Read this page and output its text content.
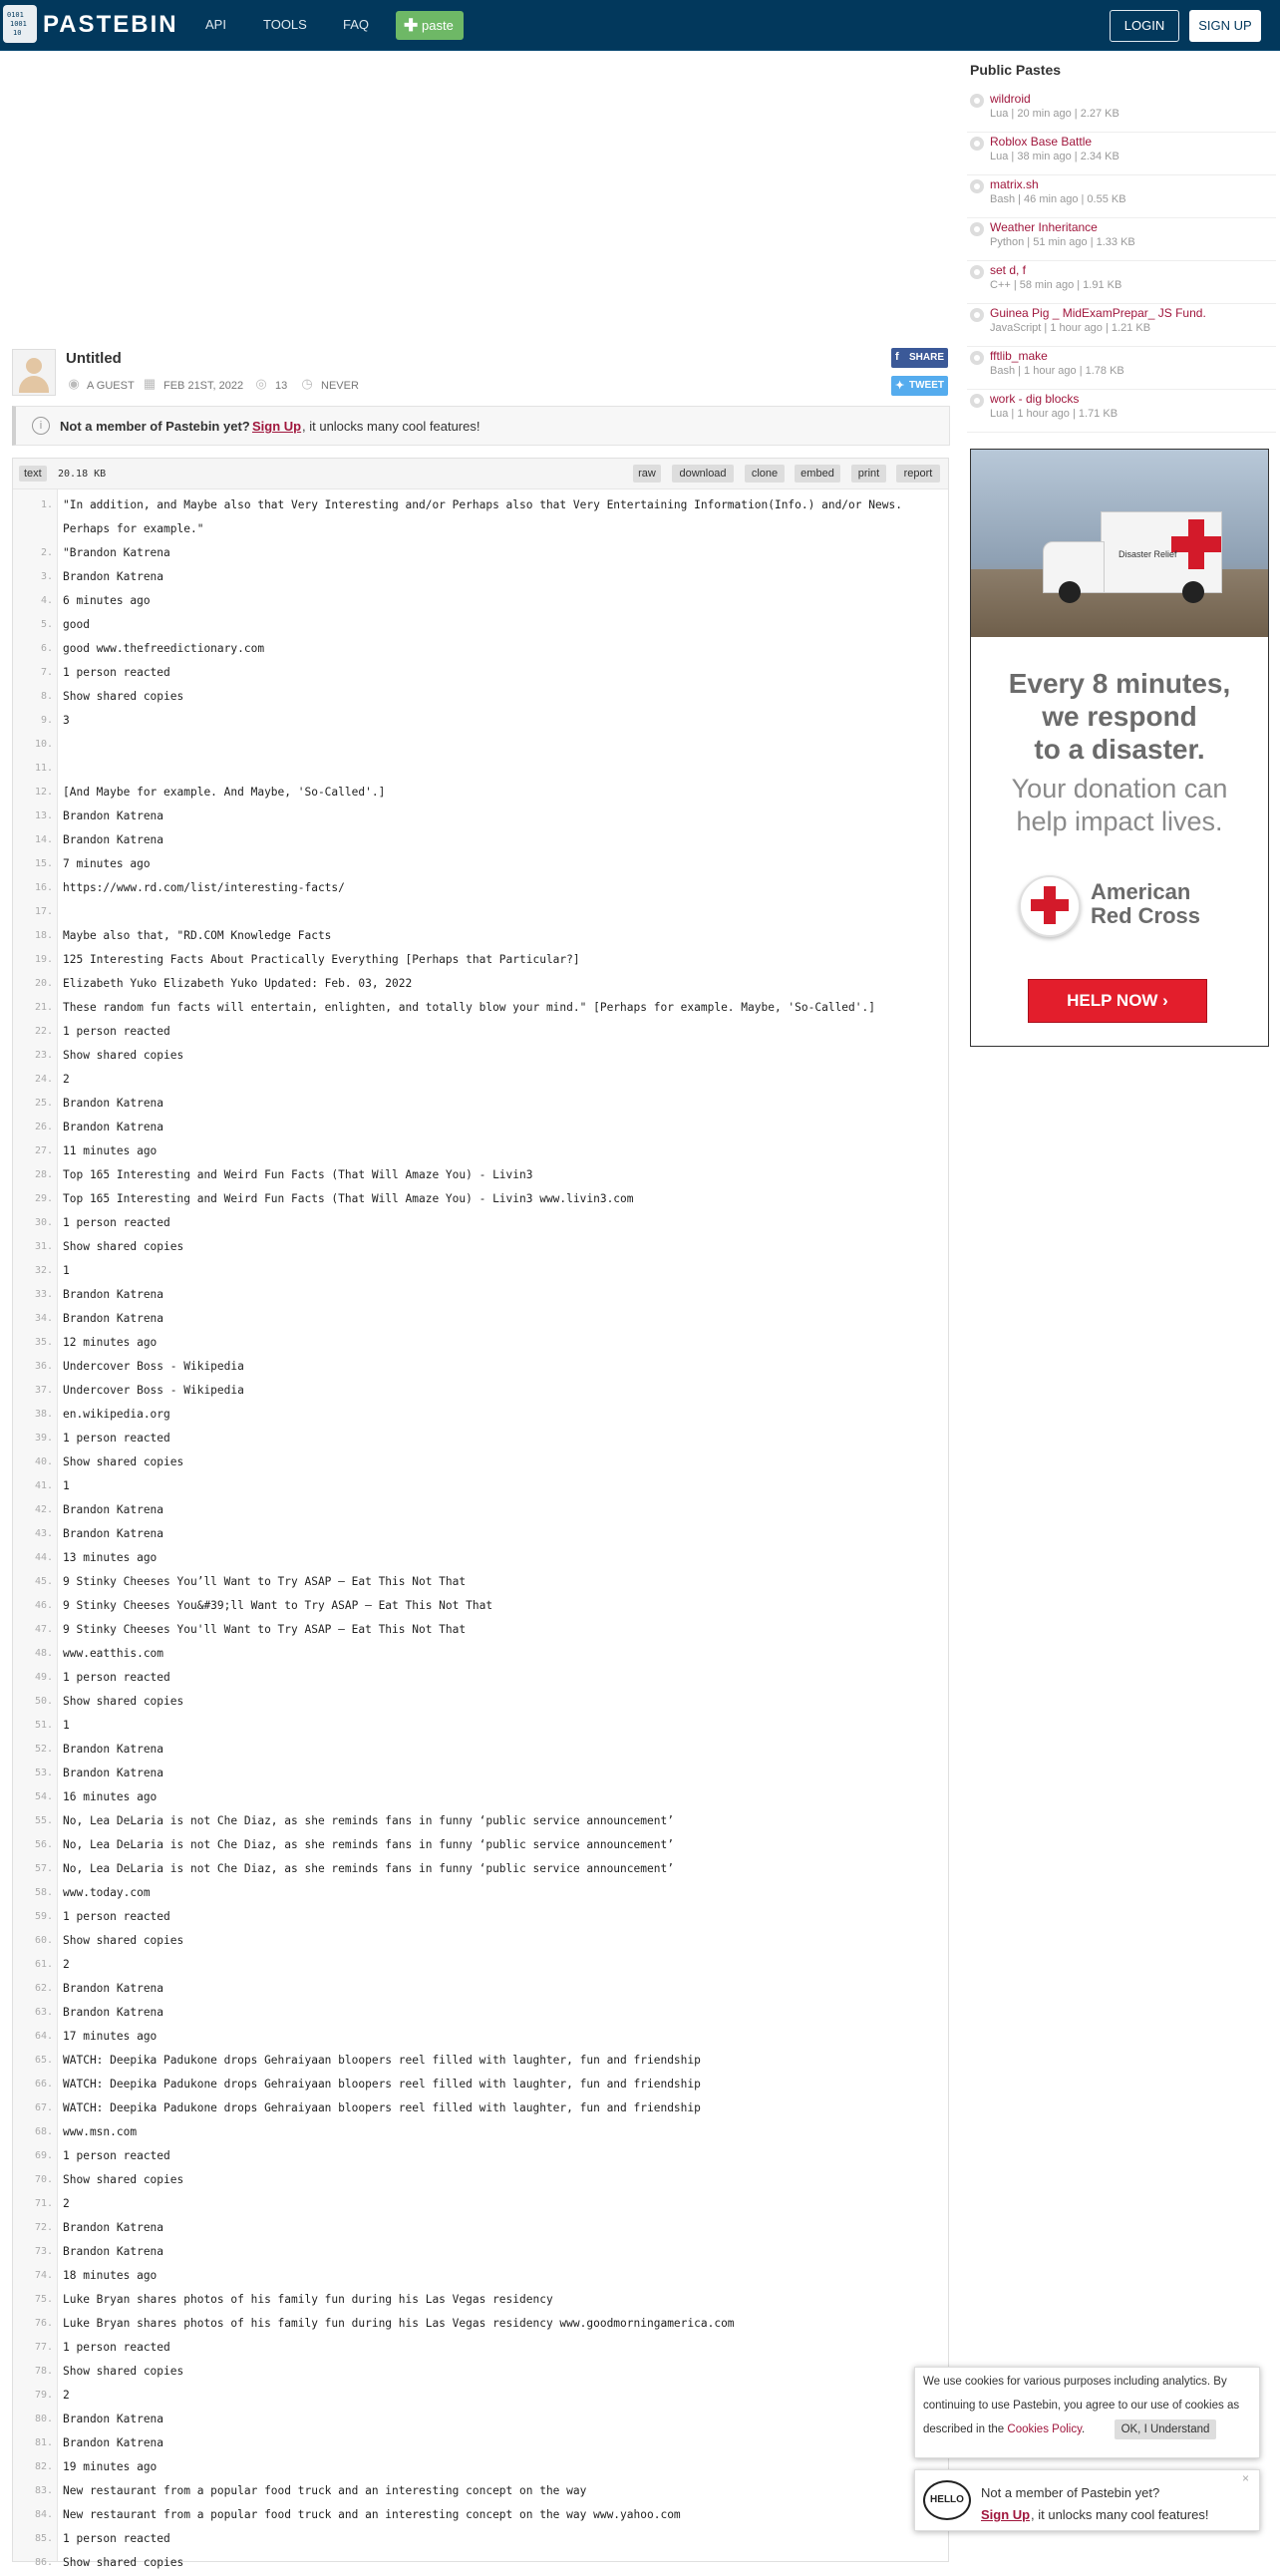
0101
1001
10 PASTEBIN API	TOOLS	FAQ ✚ paste	LOGIN	SIGN UP
Untitled
◉ A GUEST ▦ FEB 21ST, 2022 ◎ 13 ◷ NEVER
f SHARE
✦ TWEET
i	Not a member of Pastebin yet? Sign Up , it unlocks many cool features!
text	20.18 KB	raw	download	clone	embed	print	report
1. "In addition, and Maybe also that Very Interesting and/or Perhaps also that Very Entertaining Information(Info.) and/or News.
Perhaps for example."
2. "Brandon Katrena
3. Brandon Katrena
4. 6 minutes ago
5. good
6. good www.thefreedictionary.com
7. 1 person reacted
8. Show shared copies
9. 3
10.
11.
12. [And Maybe for example. And Maybe, 'So-Called'.]
13. Brandon Katrena
14. Brandon Katrena
15. 7 minutes ago
16. https://www.rd.com/list/interesting-facts/
17.
18. Maybe also that, "RD.COM Knowledge Facts
19. 125 Interesting Facts About Practically Everything [Perhaps that Particular?]
20. Elizabeth Yuko Elizabeth Yuko Updated: Feb. 03, 2022
21. These random fun facts will entertain, enlighten, and totally blow your mind." [Perhaps for example. Maybe, 'So-Called'.]
22. 1 person reacted
23. Show shared copies
24. 2
25. Brandon Katrena
26. Brandon Katrena
27. 11 minutes ago
28. Top 165 Interesting and Weird Fun Facts (That Will Amaze You) - Livin3
29. Top 165 Interesting and Weird Fun Facts (That Will Amaze You) - Livin3 www.livin3.com
30. 1 person reacted
31. Show shared copies
32. 1
33. Brandon Katrena
34. Brandon Katrena
35. 12 minutes ago
36. Undercover Boss - Wikipedia
37. Undercover Boss - Wikipedia
38. en.wikipedia.org
39. 1 person reacted
40. Show shared copies
41. 1
42. Brandon Katrena
43. Brandon Katrena
44. 13 minutes ago
45. 9 Stinky Cheeses You’ll Want to Try ASAP — Eat This Not That
46. 9 Stinky Cheeses You&#39;ll Want to Try ASAP — Eat This Not That
47. 9 Stinky Cheeses You'll Want to Try ASAP — Eat This Not That
48. www.eatthis.com
49. 1 person reacted
50. Show shared copies
51. 1
52. Brandon Katrena
53. Brandon Katrena
54. 16 minutes ago
55. No, Lea DeLaria is not Che Diaz, as she reminds fans in funny ‘public service announcement’
56. No, Lea DeLaria is not Che Diaz, as she reminds fans in funny ‘public service announcement’
57. No, Lea DeLaria is not Che Diaz, as she reminds fans in funny ‘public service announcement’
58. www.today.com
59. 1 person reacted
60. Show shared copies
61. 2
62. Brandon Katrena
63. Brandon Katrena
64. 17 minutes ago
65. WATCH: Deepika Padukone drops Gehraiyaan bloopers reel filled with laughter, fun and friendship
66. WATCH: Deepika Padukone drops Gehraiyaan bloopers reel filled with laughter, fun and friendship
67. WATCH: Deepika Padukone drops Gehraiyaan bloopers reel filled with laughter, fun and friendship
68. www.msn.com
69. 1 person reacted
70. Show shared copies
71. 2
72. Brandon Katrena
73. Brandon Katrena
74. 18 minutes ago
75. Luke Bryan shares photos of his family fun during his Las Vegas residency
76. Luke Bryan shares photos of his family fun during his Las Vegas residency www.goodmorningamerica.com
77. 1 person reacted
78. Show shared copies
79. 2
80. Brandon Katrena
81. Brandon Katrena
82. 19 minutes ago
83. New restaurant from a popular food truck and an interesting concept on the way
84. New restaurant from a popular food truck and an interesting concept on the way www.yahoo.com
85. 1 person reacted
86. Show shared copies
Public Pastes
wildroid
Lua | 20 min ago | 2.27 KB
Roblox Base Battle
Lua | 38 min ago | 2.34 KB
matrix.sh
Bash | 46 min ago | 0.55 KB
Weather Inheritance
Python | 51 min ago | 1.33 KB
set d, f
C++ | 58 min ago | 1.91 KB
Guinea Pig _ MidExamPrepar_ JS Fund.
JavaScript | 1 hour ago | 1.21 KB
fftlib_make
Bash | 1 hour ago | 1.78 KB
work - dig blocks
Lua | 1 hour ago | 1.71 KB
Disaster Relief
Every 8 minutes,
we respond
to a disaster.
Your donation can
help impact lives.
American
Red Cross
HELP NOW ›
We use cookies for various purposes including analytics. By continuing to use Pastebin, you agree to our use of cookies as described in the Cookies Policy.	OK, I Understand
HELLO	Not a member of Pastebin yet?
Sign Up , it unlocks many cool features!
×
